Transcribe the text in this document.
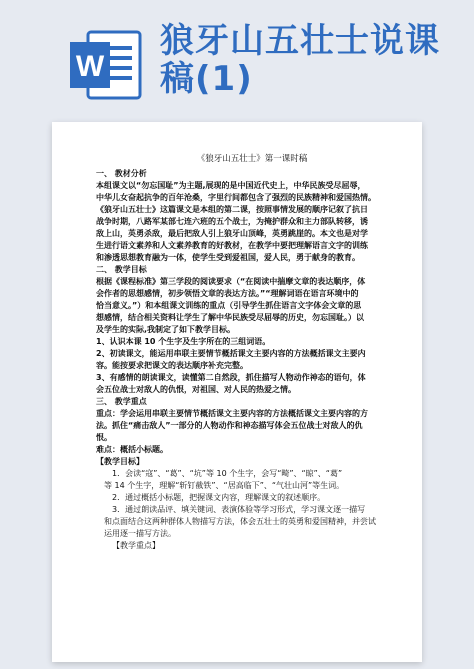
W
狼牙山五壮士说课稿(1)
《狼牙山五壮士》第一课时稿
一、 教材分析
本组课文以“勿忘国耻”为主题,展现的是中国近代史上，中华民族受尽屈辱，
中华儿女奋起抗争的百年沧桑，字里行间都包含了强烈的民族精神和爱国热情。
《狼牙山五壮士》这篇课文是本组的第二课，按照事情发展的顺序记叙了抗日
战争时期，八路军某部七连六班的五个战士，为掩护群众和主力部队转移，诱
敌上山，英勇杀敌，最后把敌人引上狼牙山顶峰，英勇跳崖的。本文也是对学
生进行语文素养和人文素养教育的好教材，在教学中要把理解语言文字的训练
和渗透思想教育融为一体，使学生受到爱祖国，爱人民，勇于献身的教育。
二、 教学目标
根据《课程标准》第三学段的阅读要求（“在阅读中揣摩文章的表达顺序，体
会作者的思想感情，初步领悟文章的表达方法。”“理解词语在语言环境中的
恰当意义。”）和本组课文训练的重点（引导学生抓住语言文字体会文章的思
想感情，结合相关资料让学生了解中华民族受尽屈辱的历史，勿忘国耻。）以
及学生的实际,我制定了如下教学目标。
1、认识本课 10 个生字及生字所在的三组词语。
2、初读课文，能运用串联主要情节概括课文主要内容的方法概括课文主要内
容。能按要求把课文的表达顺序补充完整。
3、有感情的朗读课文，读懂第二自然段，抓住描写人物动作神态的语句，体
会五位战士对敌人的仇恨，对祖国、对人民的热爱之情。
三、 教学重点
重点：学会运用串联主要情节概括课文主要内容的方法概括课文主要内容的方
法。抓住“痛击敌人”一部分的人物动作和神态描写体会五位战士对敌人的仇
恨。
难点：概括小标题。
【教学目标】
1．会读“寇”、“葛”、“坑”等 10 个生字，会写“畸”、“晾”、“葛”
等 14 个生字，理解“斩钉截铁”、“居高临下”、“气壮山河”等生词。
2．通过概括小标题，把握课文内容，理解课文的叙述顺序。
3．通过朗读品评、填关键词、表演体验等学习形式，学习课文逐一描写
和点面结合这两种群体人物描写方法，体会五壮士的英勇和爱国精神，并尝试
运用逐一描写方法。
【教学重点】
